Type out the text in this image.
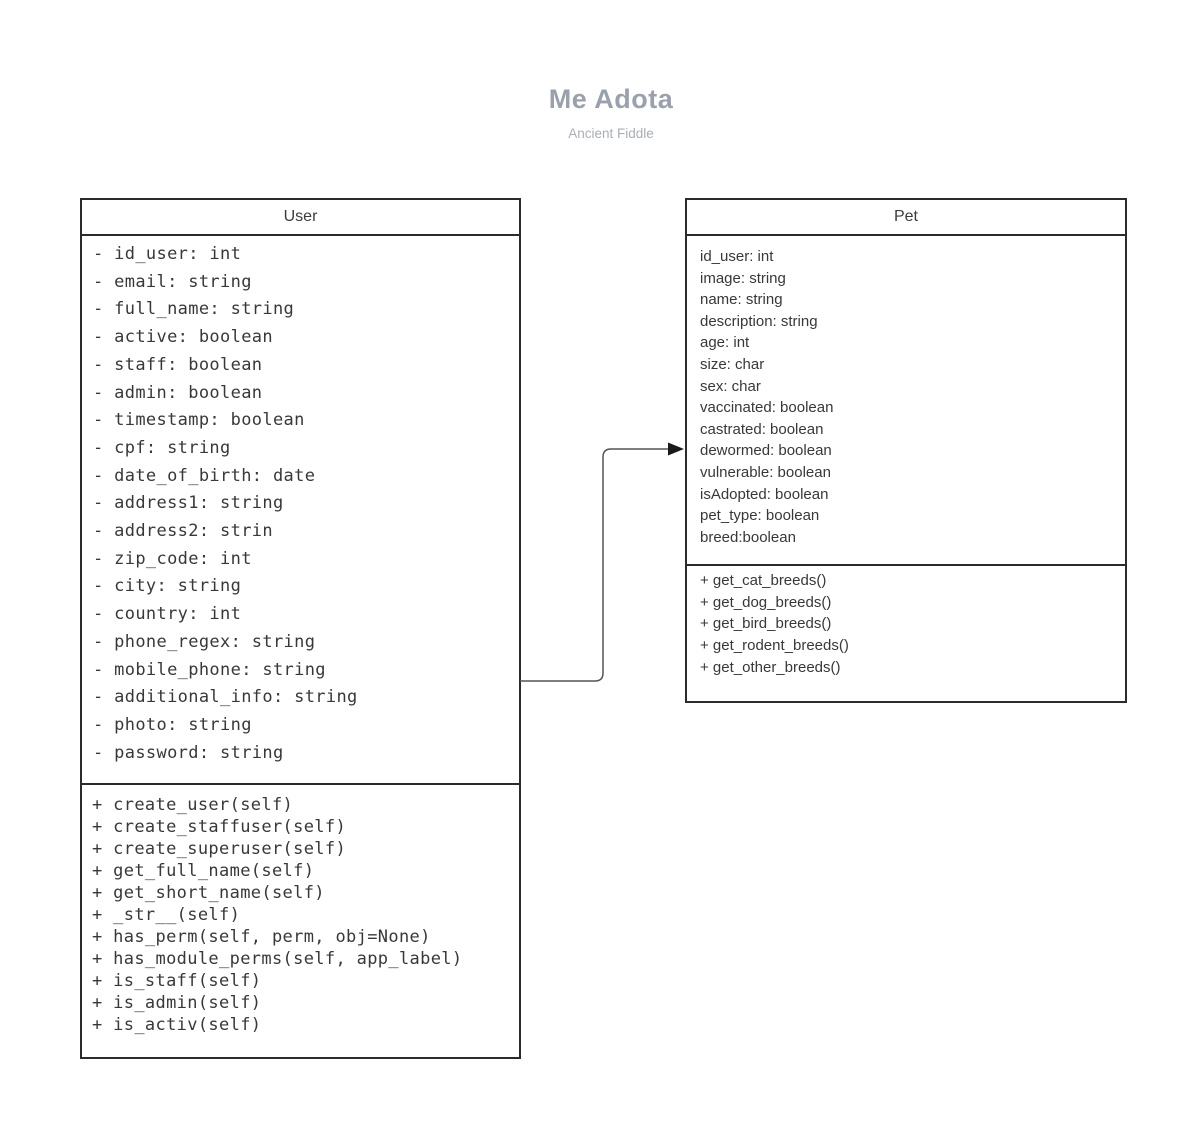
Me Adota
Ancient Fiddle
User
- id_user: int
- email: string
- full_name: string
- active: boolean
- staff: boolean
- admin: boolean
- timestamp: boolean
- cpf: string
- date_of_birth: date
- address1: string
- address2: strin
- zip_code: int
- city: string
- country: int
- phone_regex: string
- mobile_phone: string
- additional_info: string
- photo: string
- password: string
+ create_user(self)
+ create_staffuser(self)
+ create_superuser(self)
+ get_full_name(self)
+ get_short_name(self)
+ _str__(self)
+ has_perm(self, perm, obj=None)
+ has_module_perms(self, app_label)
+ is_staff(self)
+ is_admin(self)
+ is_activ(self)
Pet
id_user: int
image: string
name: string
description: string
age: int
size: char
sex: char
vaccinated: boolean
castrated: boolean
dewormed: boolean
vulnerable: boolean
isAdopted: boolean
pet_type: boolean
breed:boolean
+ get_cat_breeds()
+ get_dog_breeds()
+ get_bird_breeds()
+ get_rodent_breeds()
+ get_other_breeds()
